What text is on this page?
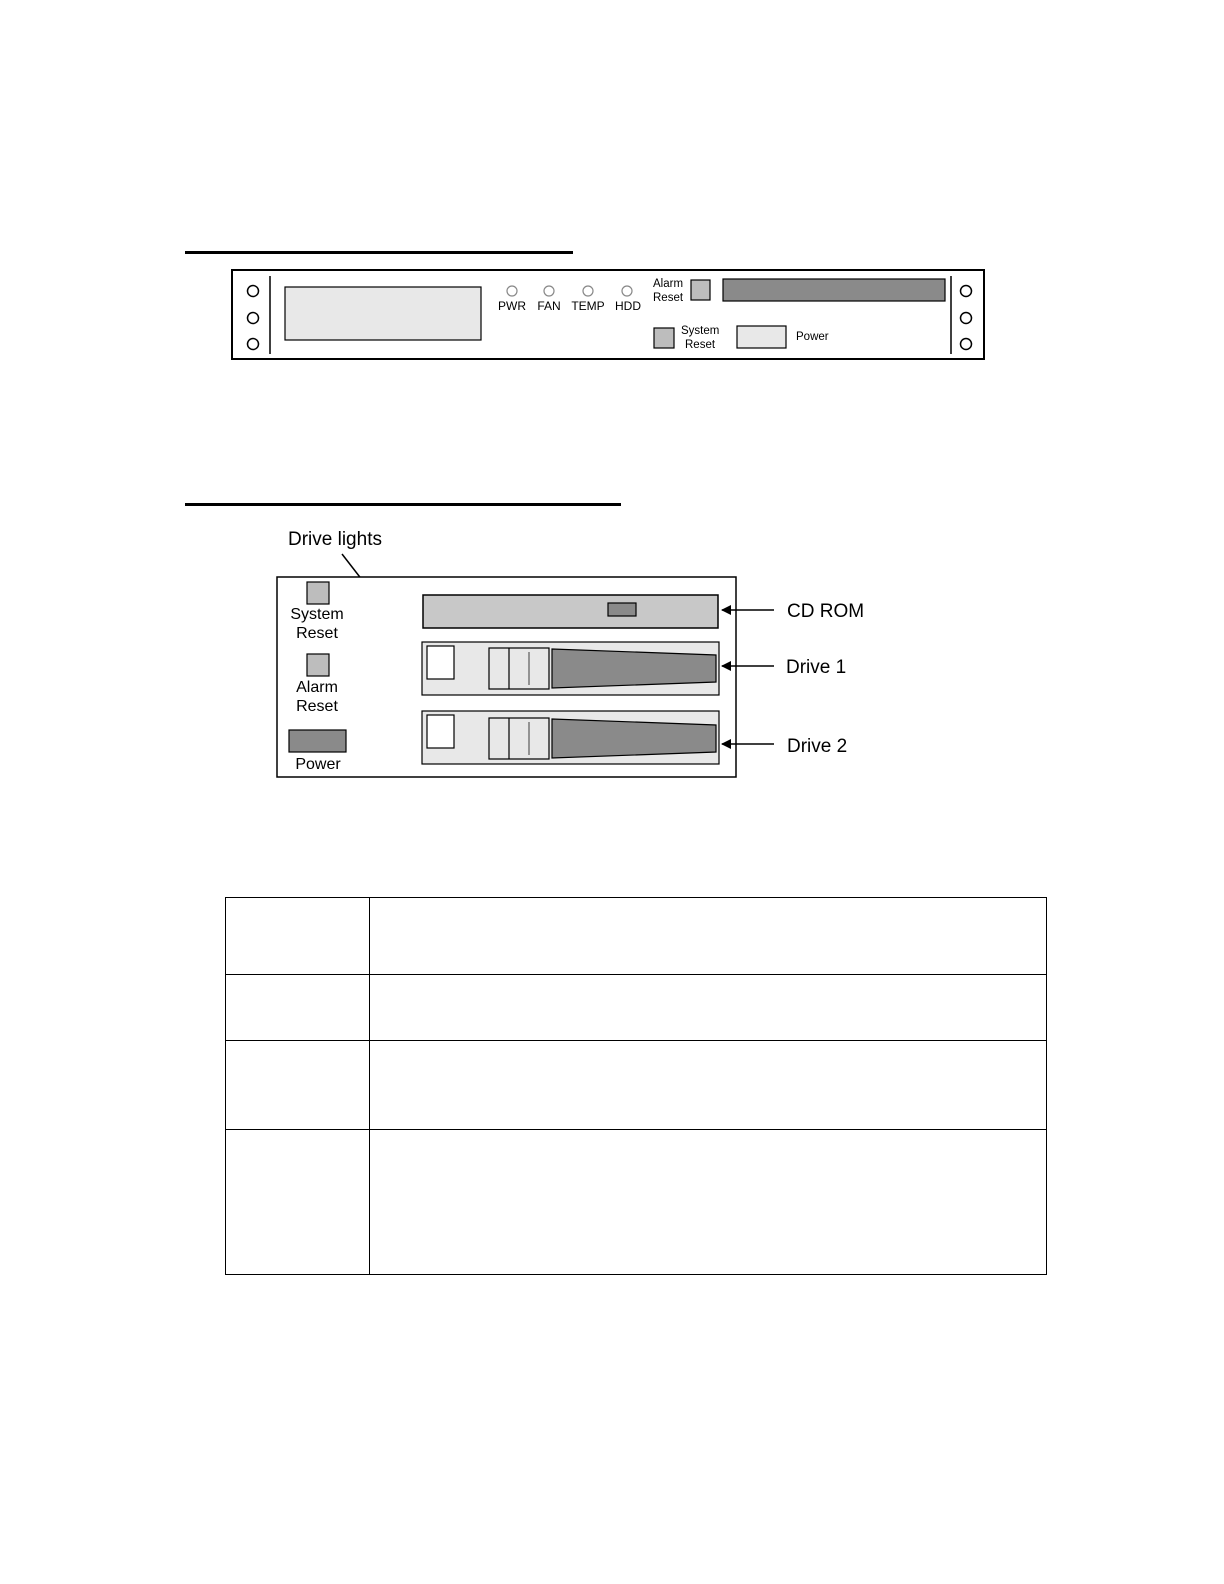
PWR FAN TEMP HDD
Alarm
Reset
System
Reset
Power
Drive lights
System
Reset
Alarm
Reset
Power
CD ROM
Drive 1
Drive 2
